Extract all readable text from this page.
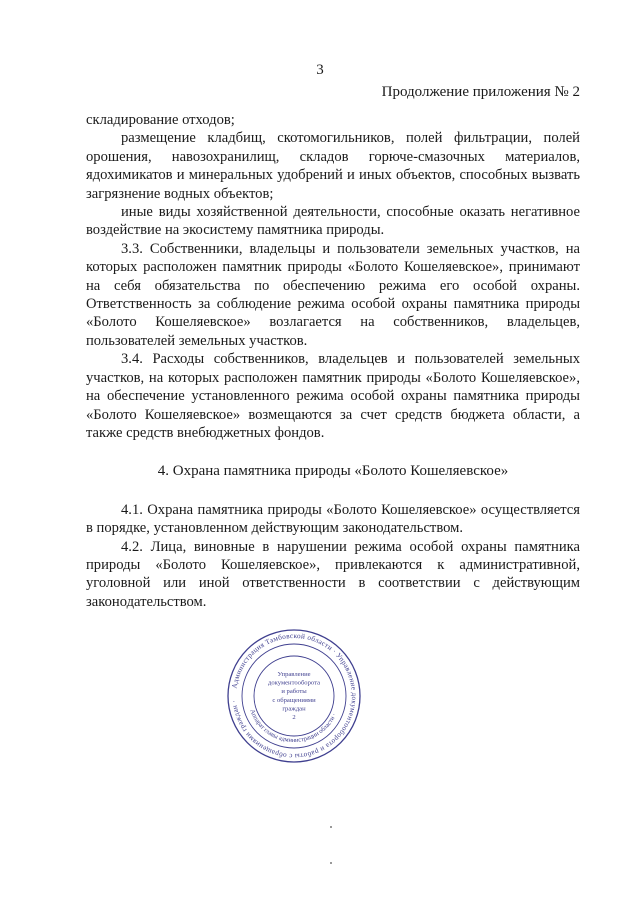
3
Продолжение приложения № 2

складирование отходов;

размещение кладбищ, скотомогильников, полей фильтрации, полей орошения, навозохранилищ, складов горюче-смазочных материалов, ядохимикатов и минеральных удобрений и иных объектов, способных вызвать загрязнение водных объектов;

иные виды хозяйственной деятельности, способные оказать негативное воздействие на экосистему памятника природы.

3.3. Собственники, владельцы и пользователи земельных участков, на которых расположен памятник природы «Болото Кошеляевское», принимают на себя обязательства по обеспечению режима его особой охраны. Ответственность за соблюдение режима особой охраны памятника природы «Болото Кошеляевское» возлагается на собственников, владельцев, пользователей земельных участков.

3.4. Расходы собственников, владельцев и пользователей земельных участков, на которых расположен памятник природы «Болото Кошеляевское», на обеспечение установленного режима особой охраны памятника природы «Болото Кошеляевское» возмещаются за счет средств бюджета области, а также средств внебюджетных фондов.

4. Охрана памятника природы «Болото Кошеляевское»

4.1. Охрана памятника природы «Болото Кошеляевское» осуществляется в порядке, установленном действующим законодательством.

4.2. Лица, виновные в нарушении режима особой охраны памятника природы «Болото Кошеляевское», привлекаются к административной, уголовной или иной ответственности в соответствии с действующим законодательством.

Администрация Тамбовской области · Управление документооборота и работы с обращениями граждан ·
Аппарат главы администрации области ·
Управление
документооборота
и работы
с обращениями
граждан
2
